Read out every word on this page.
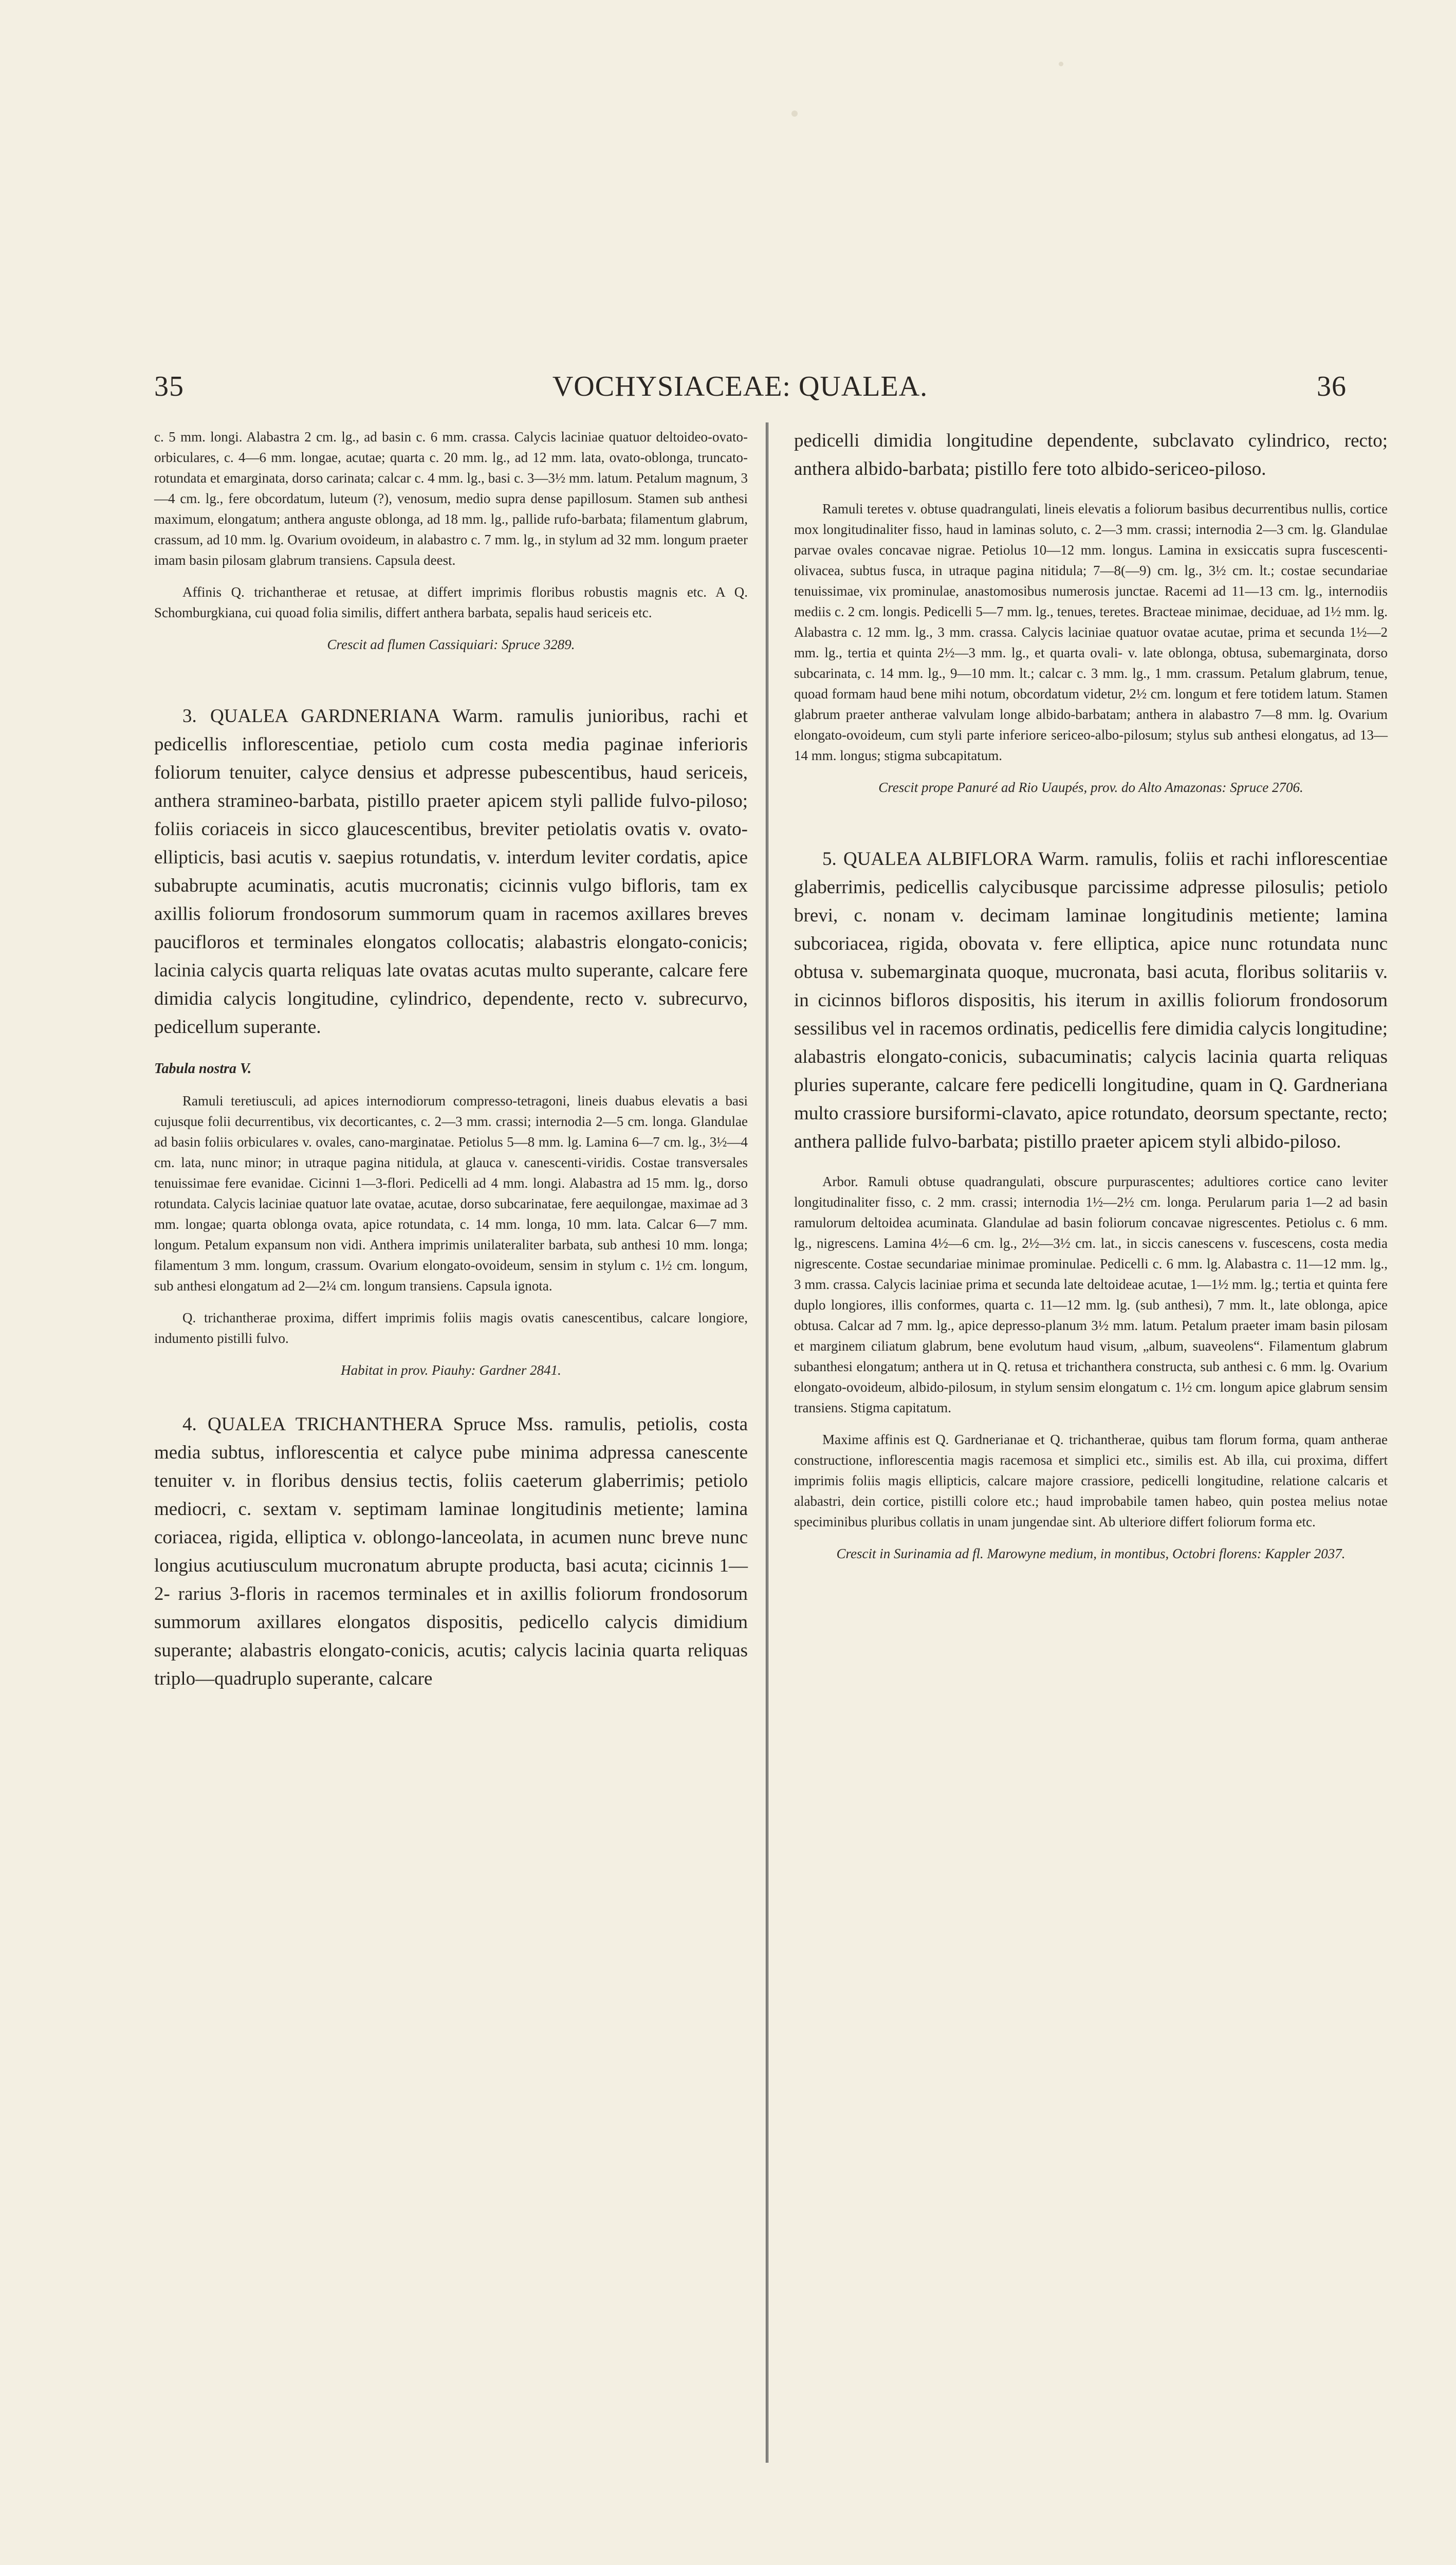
35	VOCHYSIACEAE: QUALEA.	36

c. 5 mm. longi. Alabastra 2 cm. lg., ad basin c. 6 mm. crassa. Calycis laciniae quatuor deltoideo-ovato-orbiculares, c. 4—6 mm. longae, acutae; quarta c. 20 mm. lg., ad 12 mm. lata, ovato-oblonga, truncato-rotundata et emarginata, dorso carinata; calcar c. 4 mm. lg., basi c. 3—3½ mm. latum. Petalum magnum, 3—4 cm. lg., fere obcordatum, luteum (?), venosum, medio supra dense papillosum. Stamen sub anthesi maximum, elongatum; anthera anguste oblonga, ad 18 mm. lg., pallide rufo-barbata; filamentum glabrum, crassum, ad 10 mm. lg. Ovarium ovoideum, in alabastro c. 7 mm. lg., in stylum ad 32 mm. longum praeter imam basin pilosam glabrum transiens. Capsula deest.

Affinis Q. trichantherae et retusae, at differt imprimis floribus robustis magnis etc. A Q. Schomburgkiana, cui quoad folia similis, differt anthera barbata, sepalis haud sericeis etc.

Crescit ad flumen Cassiquiari: Spruce 3289.

3. QUALEA GARDNERIANA Warm. ramulis junioribus, rachi et pedicellis inflorescentiae, petiolo cum costa media paginae inferioris foliorum tenuiter, calyce densius et adpresse pubescentibus, haud sericeis, anthera stramineo-barbata, pistillo praeter apicem styli pallide fulvo-piloso; foliis coriaceis in sicco glaucescentibus, breviter petiolatis ovatis v. ovato-ellipticis, basi acutis v. saepius rotundatis, v. interdum leviter cordatis, apice subabrupte acuminatis, acutis mucronatis; cicinnis vulgo bifloris, tam ex axillis foliorum frondosorum summorum quam in racemos axillares breves paucifloros et terminales elongatos collocatis; alabastris elongato-conicis; lacinia calycis quarta reliquas late ovatas acutas multo superante, calcare fere dimidia calycis longitudine, cylindrico, dependente, recto v. subrecurvo, pedicellum superante.

Tabula nostra V.

Ramuli teretiusculi, ad apices internodiorum compresso-tetragoni, lineis duabus elevatis a basi cujusque folii decurrentibus, vix decorticantes, c. 2—3 mm. crassi; internodia 2—5 cm. longa. Glandulae ad basin foliis orbiculares v. ovales, cano-marginatae. Petiolus 5—8 mm. lg. Lamina 6—7 cm. lg., 3½—4 cm. lata, nunc minor; in utraque pagina nitidula, at glauca v. canescenti-viridis. Costae transversales tenuissimae fere evanidae. Cicinni 1—3-flori. Pedicelli ad 4 mm. longi. Alabastra ad 15 mm. lg., dorso rotundata. Calycis laciniae quatuor late ovatae, acutae, dorso subcarinatae, fere aequilongae, maximae ad 3 mm. longae; quarta oblonga ovata, apice rotundata, c. 14 mm. longa, 10 mm. lata. Calcar 6—7 mm. longum. Petalum expansum non vidi. Anthera imprimis unilateraliter barbata, sub anthesi 10 mm. longa; filamentum 3 mm. longum, crassum. Ovarium elongato-ovoideum, sensim in stylum c. 1½ cm. longum, sub anthesi elongatum ad 2—2¼ cm. longum transiens. Capsula ignota.

Q. trichantherae proxima, differt imprimis foliis magis ovatis canescentibus, calcare longiore, indumento pistilli fulvo.

Habitat in prov. Piauhy: Gardner 2841.

4. QUALEA TRICHANTHERA Spruce Mss. ramulis, petiolis, costa media subtus, inflorescentia et calyce pube minima adpressa canescente tenuiter v. in floribus densius tectis, foliis caeterum glaberrimis; petiolo mediocri, c. sextam v. septimam laminae longitudinis metiente; lamina coriacea, rigida, elliptica v. oblongo-lanceolata, in acumen nunc breve nunc longius acutiusculum mucronatum abrupte producta, basi acuta; cicinnis 1—2- rarius 3-floris in racemos terminales et in axillis foliorum frondosorum summorum axillares elongatos dispositis, pedicello calycis dimidium superante; alabastris elongato-conicis, acutis; calycis lacinia quarta reliquas triplo—quadruplo superante, calcare

pedicelli dimidia longitudine dependente, subclavato cylindrico, recto; anthera albido-barbata; pistillo fere toto albido-sericeo-piloso.

Ramuli teretes v. obtuse quadrangulati, lineis elevatis a foliorum basibus decurrentibus nullis, cortice mox longitudinaliter fisso, haud in laminas soluto, c. 2—3 mm. crassi; internodia 2—3 cm. lg. Glandulae parvae ovales concavae nigrae. Petiolus 10—12 mm. longus. Lamina in exsiccatis supra fuscescenti-olivacea, subtus fusca, in utraque pagina nitidula; 7—8(—9) cm. lg., 3½ cm. lt.; costae secundariae tenuissimae, vix prominulae, anastomosibus numerosis junctae. Racemi ad 11—13 cm. lg., internodiis mediis c. 2 cm. longis. Pedicelli 5—7 mm. lg., tenues, teretes. Bracteae minimae, deciduae, ad 1½ mm. lg. Alabastra c. 12 mm. lg., 3 mm. crassa. Calycis laciniae quatuor ovatae acutae, prima et secunda 1½—2 mm. lg., tertia et quinta 2½—3 mm. lg., et quarta ovali- v. late oblonga, obtusa, subemarginata, dorso subcarinata, c. 14 mm. lg., 9—10 mm. lt.; calcar c. 3 mm. lg., 1 mm. crassum. Petalum glabrum, tenue, quoad formam haud bene mihi notum, obcordatum videtur, 2½ cm. longum et fere totidem latum. Stamen glabrum praeter antherae valvulam longe albido-barbatam; anthera in alabastro 7—8 mm. lg. Ovarium elongato-ovoideum, cum styli parte inferiore sericeo-albo-pilosum; stylus sub anthesi elongatus, ad 13—14 mm. longus; stigma subcapitatum.

Crescit prope Panuré ad Rio Uaupés, prov. do Alto Amazonas: Spruce 2706.

5. QUALEA ALBIFLORA Warm. ramulis, foliis et rachi inflorescentiae glaberrimis, pedicellis calycibusque parcissime adpresse pilosulis; petiolo brevi, c. nonam v. decimam laminae longitudinis metiente; lamina subcoriacea, rigida, obovata v. fere elliptica, apice nunc rotundata nunc obtusa v. subemarginata quoque, mucronata, basi acuta, floribus solitariis v. in cicinnos bifloros dispositis, his iterum in axillis foliorum frondosorum sessilibus vel in racemos ordinatis, pedicellis fere dimidia calycis longitudine; alabastris elongato-conicis, subacuminatis; calycis lacinia quarta reliquas pluries superante, calcare fere pedicelli longitudine, quam in Q. Gardneriana multo crassiore bursiformi-clavato, apice rotundato, deorsum spectante, recto; anthera pallide fulvo-barbata; pistillo praeter apicem styli albido-piloso.

Arbor. Ramuli obtuse quadrangulati, obscure purpurascentes; adultiores cortice cano leviter longitudinaliter fisso, c. 2 mm. crassi; internodia 1½—2½ cm. longa. Perularum paria 1—2 ad basin ramulorum deltoidea acuminata. Glandulae ad basin foliorum concavae nigrescentes. Petiolus c. 6 mm. lg., nigrescens. Lamina 4½—6 cm. lg., 2½—3½ cm. lat., in siccis canescens v. fuscescens, costa media nigrescente. Costae secundariae minimae prominulae. Pedicelli c. 6 mm. lg. Alabastra c. 11—12 mm. lg., 3 mm. crassa. Calycis laciniae prima et secunda late deltoideae acutae, 1—1½ mm. lg.; tertia et quinta fere duplo longiores, illis conformes, quarta c. 11—12 mm. lg. (sub anthesi), 7 mm. lt., late oblonga, apice obtusa. Calcar ad 7 mm. lg., apice depresso-planum 3½ mm. latum. Petalum praeter imam basin pilosam et marginem ciliatum glabrum, bene evolutum haud visum, „album, suaveolens“. Filamentum glabrum subanthesi elongatum; anthera ut in Q. retusa et trichanthera constructa, sub anthesi c. 6 mm. lg. Ovarium elongato-ovoideum, albido-pilosum, in stylum sensim elongatum c. 1½ cm. longum apice glabrum sensim transiens. Stigma capitatum.

Maxime affinis est Q. Gardnerianae et Q. trichantherae, quibus tam florum forma, quam antherae constructione, inflorescentia magis racemosa et simplici etc., similis est. Ab illa, cui proxima, differt imprimis foliis magis ellipticis, calcare majore crassiore, pedicelli longitudine, relatione calcaris et alabastri, dein cortice, pistilli colore etc.; haud improbabile tamen habeo, quin postea melius notae speciminibus pluribus collatis in unam jungendae sint. Ab ulteriore differt foliorum forma etc.

Crescit in Surinamia ad fl. Marowyne medium, in montibus, Octobri florens: Kappler 2037.
